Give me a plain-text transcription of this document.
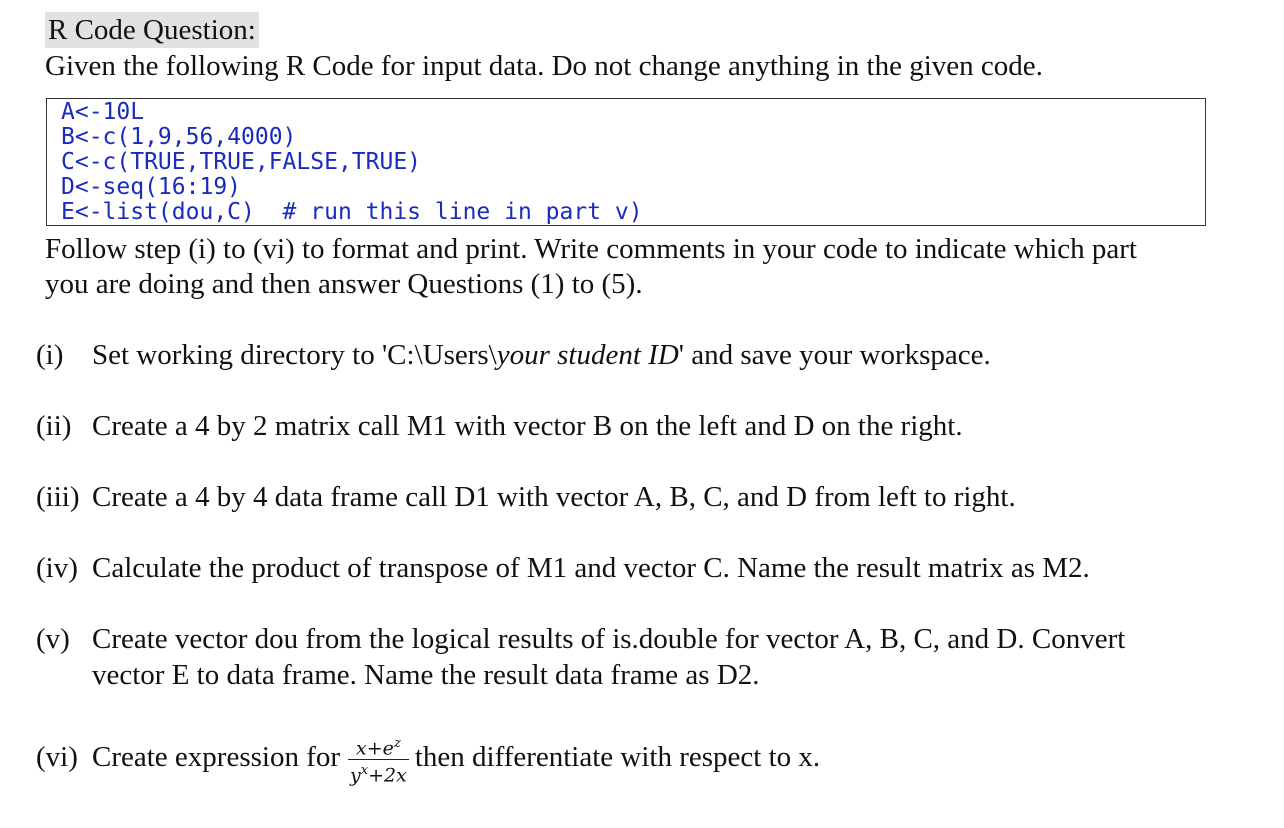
R Code Question:
Given the following R Code for input data. Do not change anything in the given code.
A<-10L
B<-c(1,9,56,4000)
C<-c(TRUE,TRUE,FALSE,TRUE)
D<-seq(16:19)
E<-list(dou,C)  # run this line in part v)
Follow step (i) to (vi) to format and print. Write comments in your code to indicate which part
you are doing and then answer Questions (1) to (5).
(i) Set working directory to 'C:\Users\your student ID' and save your workspace.
(ii) Create a 4 by 2 matrix call M1 with vector B on the left and D on the right.
(iii) Create a 4 by 4 data frame call D1 with vector A, B, C, and D from left to right.
(iv) Calculate the product of transpose of M1 and vector C. Name the result matrix as M2.
(v) Create vector dou from the logical results of is.double for vector A, B, C, and D. Convert
vector E to data frame. Name the result data frame as D2.
(vi) Create expression for $\frac{x+e^z}{y^x+2x}$ then differentiate with respect to x.
